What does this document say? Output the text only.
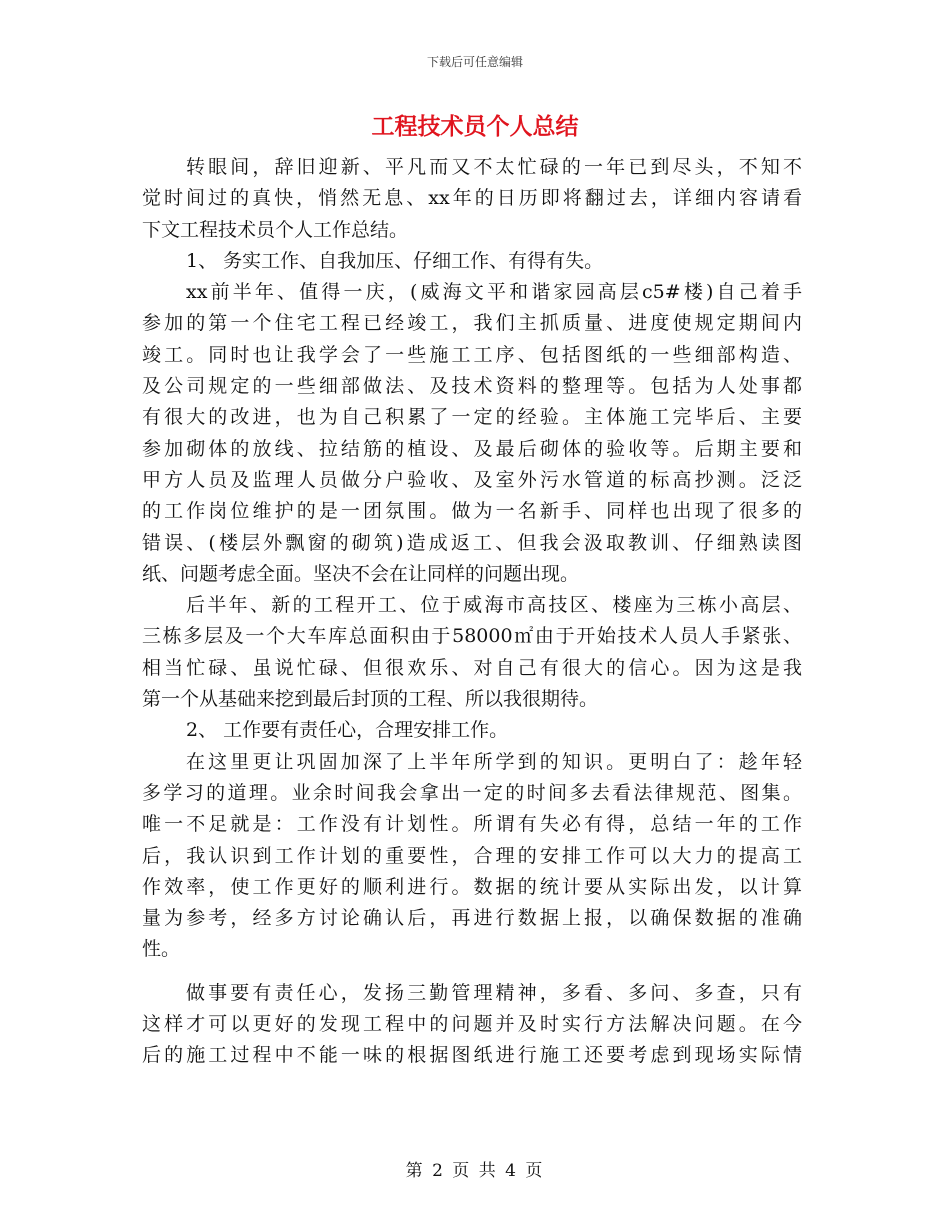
下载后可任意编辑
工程技术员个人总结
转眼间，辞旧迎新、平凡而又不太忙碌的一年已到尽头，不知不
觉时间过的真快，悄然无息、xx年的日历即将翻过去，详细内容请看
下文工程技术员个人工作总结。
1、 务实工作、自我加压、仔细工作、有得有失。
xx前半年、值得一庆，(威海文平和谐家园高层c5#楼)自己着手
参加的第一个住宅工程已经竣工，我们主抓质量、进度使规定期间内
竣工。同时也让我学会了一些施工工序、包括图纸的一些细部构造、
及公司规定的一些细部做法、及技术资料的整理等。包括为人处事都
有很大的改进，也为自己积累了一定的经验。主体施工完毕后、主要
参加砌体的放线、拉结筋的植设、及最后砌体的验收等。后期主要和
甲方人员及监理人员做分户验收、及室外污水管道的标高抄测。泛泛
的工作岗位维护的是一团氛围。做为一名新手、同样也出现了很多的
错误、(楼层外飘窗的砌筑)造成返工、但我会汲取教训、仔细熟读图
纸、问题考虑全面。坚决不会在让同样的问题出现。
后半年、新的工程开工、位于威海市高技区、楼座为三栋小高层、
三栋多层及一个大车库总面积由于58000㎡由于开始技术人员人手紧张、
相当忙碌、虽说忙碌、但很欢乐、对自己有很大的信心。因为这是我
第一个从基础来挖到最后封顶的工程、所以我很期待。
2、 工作要有责任心，合理安排工作。
在这里更让巩固加深了上半年所学到的知识。更明白了：趁年轻
多学习的道理。业余时间我会拿出一定的时间多去看法律规范、图集。
唯一不足就是：工作没有计划性。所谓有失必有得，总结一年的工作
后，我认识到工作计划的重要性，合理的安排工作可以大力的提高工
作效率，使工作更好的顺利进行。数据的统计要从实际出发，以计算
量为参考，经多方讨论确认后，再进行数据上报，以确保数据的准确
性。
做事要有责任心，发扬三勤管理精神，多看、多问、多查，只有
这样才可以更好的发现工程中的问题并及时实行方法解决问题。在今
后的施工过程中不能一味的根据图纸进行施工还要考虑到现场实际情
第 2 页 共 4 页
